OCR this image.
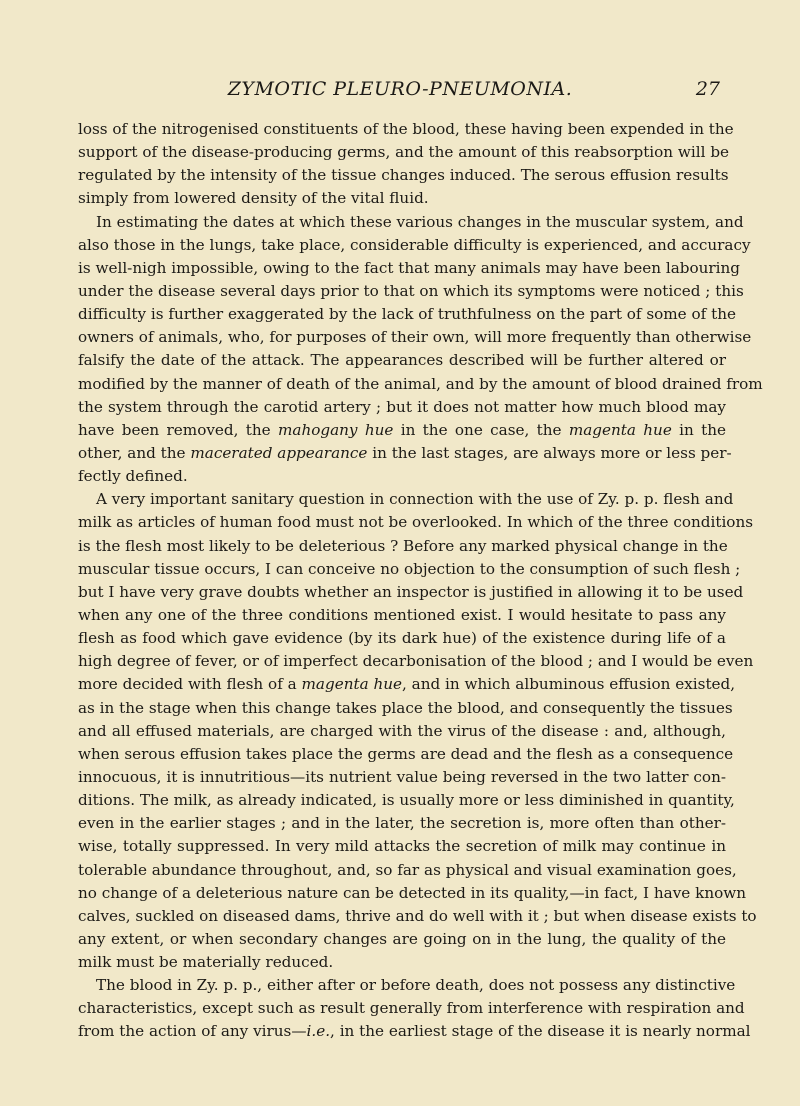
ZYMOTIC PLEURO-PNEUMONIA.	27
loss of the nitrogenised constituents of the blood, these having been expended in the
support of the disease-producing germs, and the amount of this reabsorption will be
regulated by the intensity of the tissue changes induced. The serous effusion results
simply from lowered density of the vital fluid.
In estimating the dates at which these various changes in the muscular system, and
also those in the lungs, take place, considerable difficulty is experienced, and accuracy
is well-nigh impossible, owing to the fact that many animals may have been labouring
under the disease several days prior to that on which its symptoms were noticed ; this
difficulty is further exaggerated by the lack of truthfulness on the part of some of the
owners of animals, who, for purposes of their own, will more frequently than otherwise
falsify the date of the attack. The appearances described will be further altered or
modified by the manner of death of the animal, and by the amount of blood drained from
the system through the carotid artery ; but it does not matter how much blood may
have been removed, the mahogany hue in the one case, the magenta hue in the
other, and the macerated appearance in the last stages, are always more or less per-
fectly defined.
A very important sanitary question in connection with the use of Zy. p. p. flesh and
milk as articles of human food must not be overlooked. In which of the three conditions
is the flesh most likely to be deleterious ? Before any marked physical change in the
muscular tissue occurs, I can conceive no objection to the consumption of such flesh ;
but I have very grave doubts whether an inspector is justified in allowing it to be used
when any one of the three conditions mentioned exist. I would hesitate to pass any
flesh as food which gave evidence (by its dark hue) of the existence during life of a
high degree of fever, or of imperfect decarbonisation of the blood ; and I would be even
more decided with flesh of a magenta hue, and in which albuminous effusion existed,
as in the stage when this change takes place the blood, and consequently the tissues
and all effused materials, are charged with the virus of the disease : and, although,
when serous effusion takes place the germs are dead and the flesh as a consequence
innocuous, it is innutritious—its nutrient value being reversed in the two latter con-
ditions. The milk, as already indicated, is usually more or less diminished in quantity,
even in the earlier stages ; and in the later, the secretion is, more often than other-
wise, totally suppressed. In very mild attacks the secretion of milk may continue in
tolerable abundance throughout, and, so far as physical and visual examination goes,
no change of a deleterious nature can be detected in its quality,—in fact, I have known
calves, suckled on diseased dams, thrive and do well with it ; but when disease exists to
any extent, or when secondary changes are going on in the lung, the quality of the
milk must be materially reduced.
The blood in Zy. p. p., either after or before death, does not possess any distinctive
characteristics, except such as result generally from interference with respiration and
from the action of any virus—i.e., in the earliest stage of the disease it is nearly normal
